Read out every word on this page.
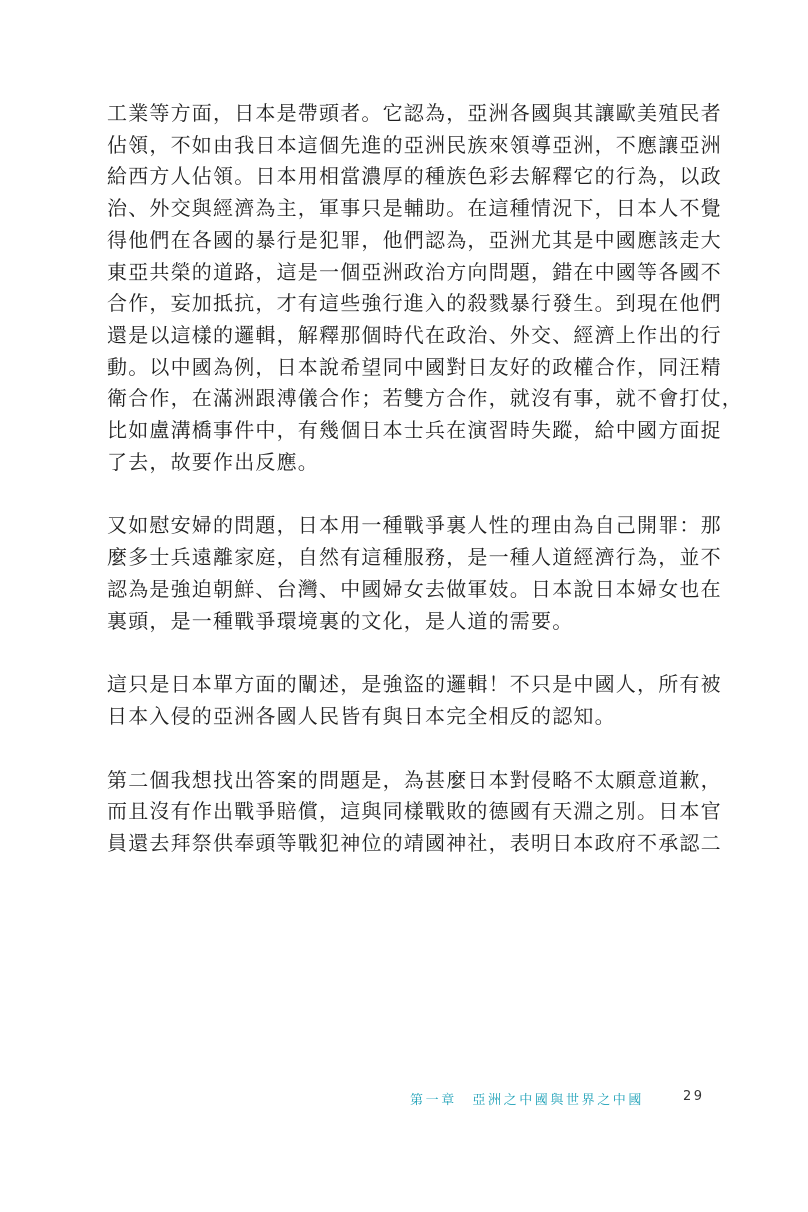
工業等方面，日本是帶頭者。它認為，亞洲各國與其讓歐美殖民者
佔領，不如由我日本這個先進的亞洲民族來領導亞洲，不應讓亞洲
給西方人佔領。日本用相當濃厚的種族色彩去解釋它的行為，以政
治、外交與經濟為主，軍事只是輔助。在這種情況下，日本人不覺
得他們在各國的暴行是犯罪，他們認為，亞洲尤其是中國應該走大
東亞共榮的道路，這是一個亞洲政治方向問題，錯在中國等各國不
合作，妄加抵抗，才有這些強行進入的殺戮暴行發生。到現在他們
還是以這樣的邏輯，解釋那個時代在政治、外交、經濟上作出的行
動。以中國為例，日本說希望同中國對日友好的政權合作，同汪精
衛合作，在滿洲跟溥儀合作；若雙方合作，就沒有事，就不會打仗，
比如盧溝橋事件中，有幾個日本士兵在演習時失蹤，給中國方面捉
了去，故要作出反應。

又如慰安婦的問題，日本用一種戰爭裏人性的理由為自己開罪：那
麼多士兵遠離家庭，自然有這種服務，是一種人道經濟行為，並不
認為是強迫朝鮮、台灣、中國婦女去做軍妓。日本說日本婦女也在
裏頭，是一種戰爭環境裏的文化，是人道的需要。

這只是日本單方面的闡述，是強盜的邏輯！不只是中國人，所有被
日本入侵的亞洲各國人民皆有與日本完全相反的認知。

第二個我想找出答案的問題是，為甚麼日本對侵略不太願意道歉，
而且沒有作出戰爭賠償，這與同樣戰敗的德國有天淵之別。日本官
員還去拜祭供奉頭等戰犯神位的靖國神社，表明日本政府不承認二

第一章　亞洲之中國與世界之中國	29
